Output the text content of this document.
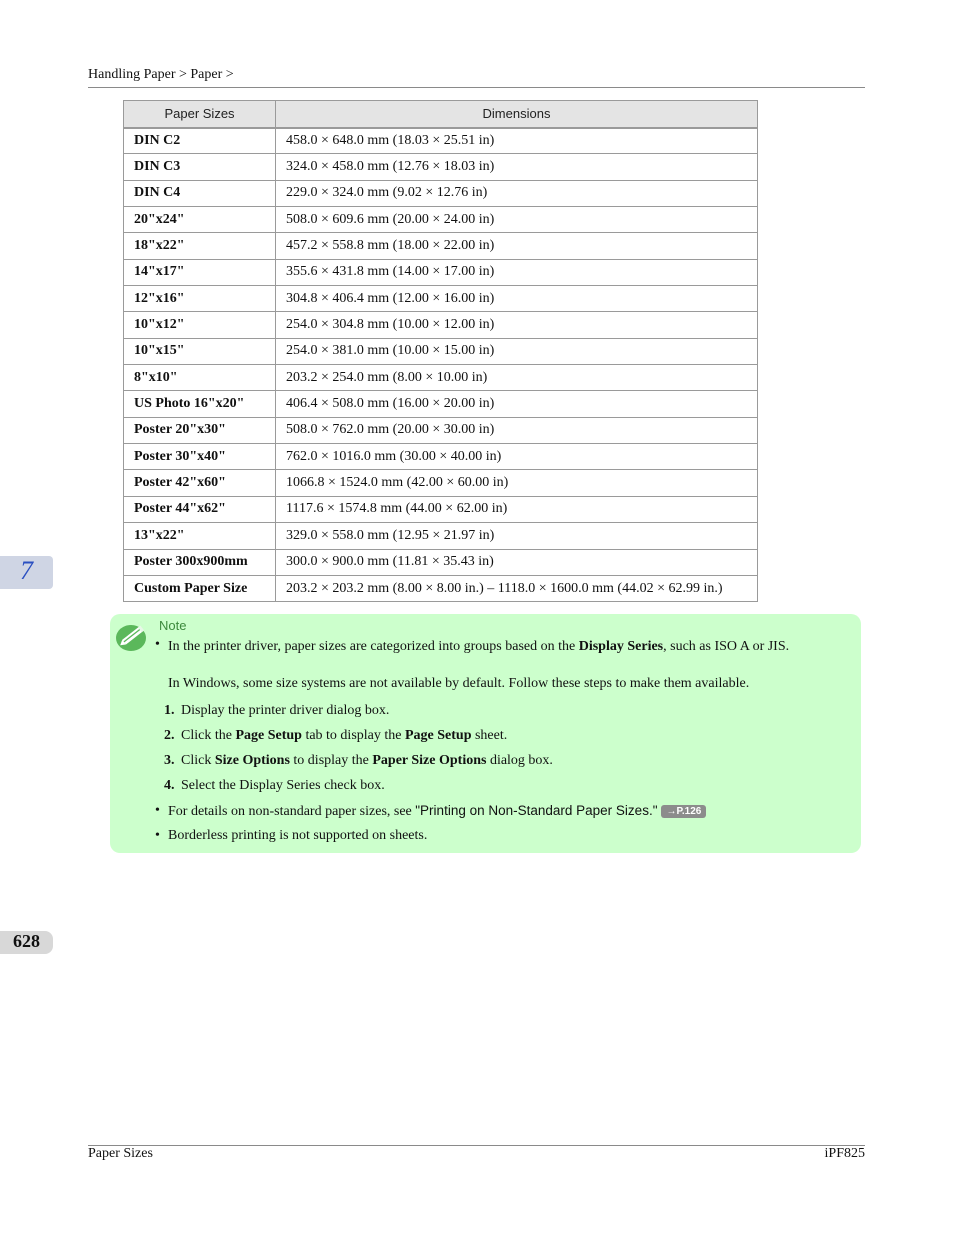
Handling Paper > Paper >
Paper Sizes	Dimensions
DIN C2	458.0 × 648.0 mm (18.03 × 25.51 in)
DIN C3	324.0 × 458.0 mm (12.76 × 18.03 in)
DIN C4	229.0 × 324.0 mm (9.02 × 12.76 in)
20"x24"	508.0 × 609.6 mm (20.00 × 24.00 in)
18"x22"	457.2 × 558.8 mm (18.00 × 22.00 in)
14"x17"	355.6 × 431.8 mm (14.00 × 17.00 in)
12"x16"	304.8 × 406.4 mm (12.00 × 16.00 in)
10"x12"	254.0 × 304.8 mm (10.00 × 12.00 in)
10"x15"	254.0 × 381.0 mm (10.00 × 15.00 in)
8"x10"	203.2 × 254.0 mm (8.00 × 10.00 in)
US Photo 16"x20"	406.4 × 508.0 mm (16.00 × 20.00 in)
Poster 20"x30"	508.0 × 762.0 mm (20.00 × 30.00 in)
Poster 30"x40"	762.0 × 1016.0 mm (30.00 × 40.00 in)
Poster 42"x60"	1066.8 × 1524.0 mm (42.00 × 60.00 in)
Poster 44"x62"	1117.6 × 1574.8 mm (44.00 × 62.00 in)
13"x22"	329.0 × 558.0 mm (12.95 × 21.97 in)
Poster 300x900mm	300.0 × 900.0 mm (11.81 × 35.43 in)
Custom Paper Size	203.2 × 203.2 mm (8.00 × 8.00 in.) – 1118.0 × 1600.0 mm (44.02 × 62.99 in.)
7
Note
• In the printer driver, paper sizes are categorized into groups based on the Display Series, such as ISO A or JIS.
In Windows, some size systems are not available by default. Follow these steps to make them available.
1. Display the printer driver dialog box.
2. Click the Page Setup tab to display the Page Setup sheet.
3. Click Size Options to display the Paper Size Options dialog box.
4. Select the Display Series check box.
• For details on non-standard paper sizes, see "Printing on Non-Standard Paper Sizes." →P.126
• Borderless printing is not supported on sheets.
628
Paper Sizes	iPF825
